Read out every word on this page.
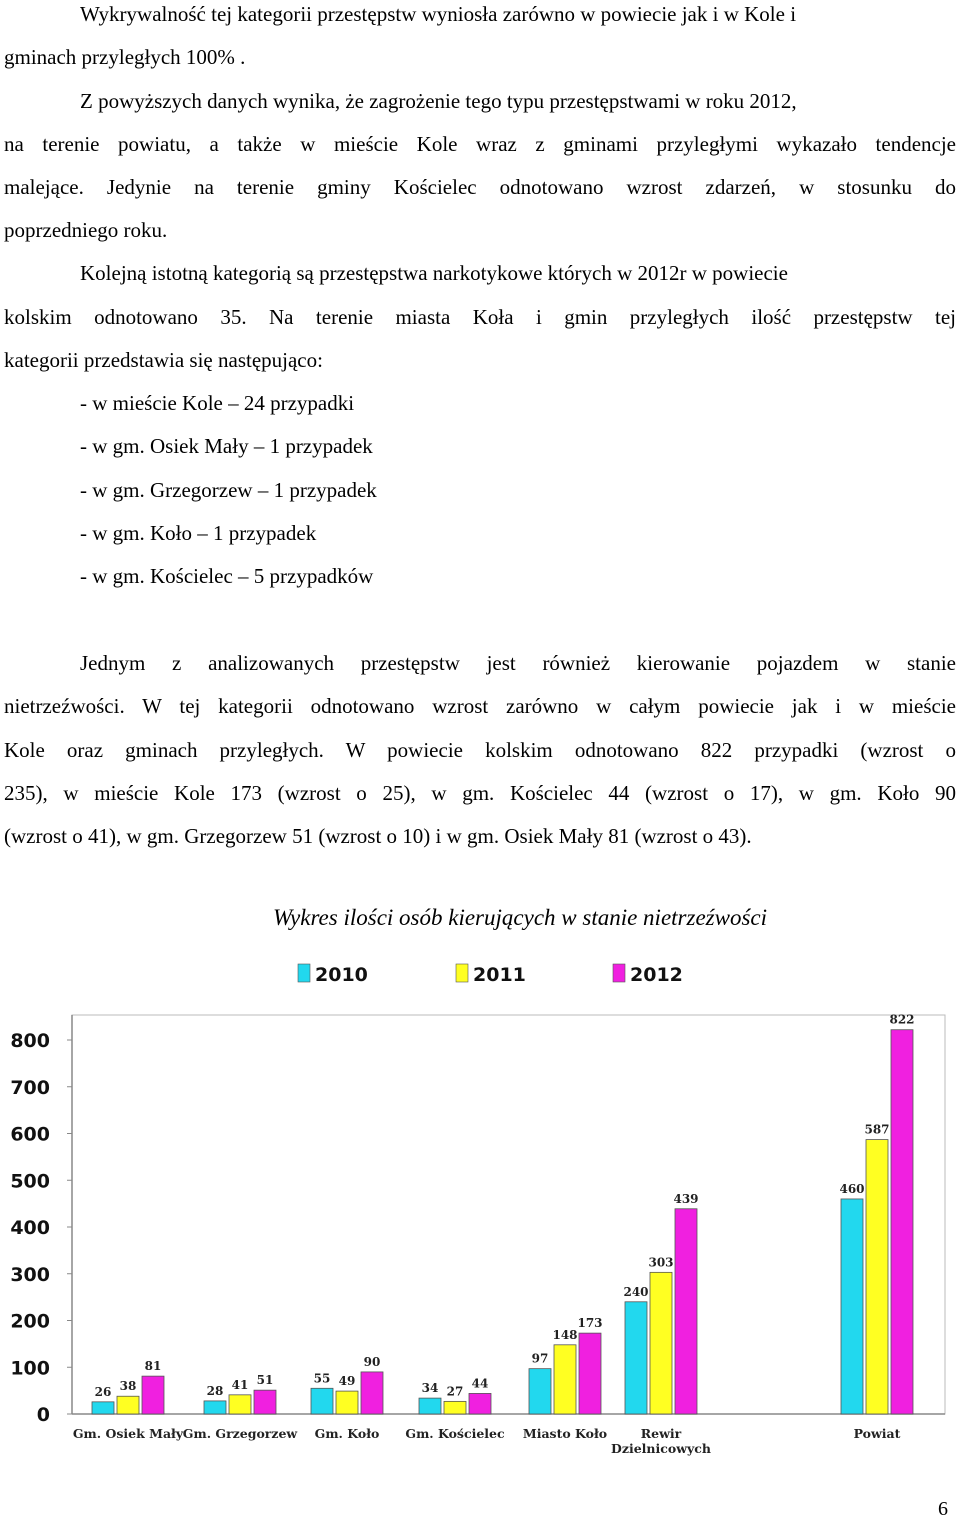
Wykrywalność tej kategorii przestępstw wyniosła zarówno w powiecie jak i w Kole i
gminach przyległych 100% .
Z powyższych danych wynika, że zagrożenie tego typu przestępstwami w roku 2012,
na terenie powiatu, a także w mieście Kole wraz z gminami przyległymi wykazało tendencje
malejące. Jedynie na terenie gminy Kościelec odnotowano wzrost zdarzeń, w stosunku do
poprzedniego roku.
Kolejną istotną kategorią są przestępstwa narkotykowe których w 2012r w powiecie
kolskim odnotowano 35. Na terenie miasta Koła i gmin przyległych ilość przestępstw tej
kategorii przedstawia się następująco:
- w mieście Kole – 24 przypadki
- w gm. Osiek Mały – 1 przypadek
- w gm. Grzegorzew – 1 przypadek
- w gm. Koło – 1 przypadek
- w gm. Kościelec – 5 przypadków
Jednym z analizowanych przestępstw jest również kierowanie pojazdem w stanie
nietrzeźwości. W tej kategorii odnotowano wzrost zarówno w całym powiecie jak i w mieście
Kole oraz gminach przyległych. W powiecie kolskim odnotowano 822 przypadki (wzrost o
235), w mieście Kole 173 (wzrost o 25), w gm. Kościelec 44 (wzrost o 17), w gm. Koło 90
(wzrost o 41), w gm. Grzegorzew 51 (wzrost o 10) i w gm. Osiek Mały 81 (wzrost o 43).
Wykres ilości osób kierujących w stanie nietrzeźwości
0
100
200
300
400
500
600
700
800
26	28
55
34
97
240
460
38	41	49
27
148
303
587
81
51
90
44
173
439
822
Gm. Osiek Mały Gm. Grzegorzew Gm. Koło Gm. Kościelec Miasto Koło	Rewir
Dzielnicowych
Powiat
2010	2011	2012
6
